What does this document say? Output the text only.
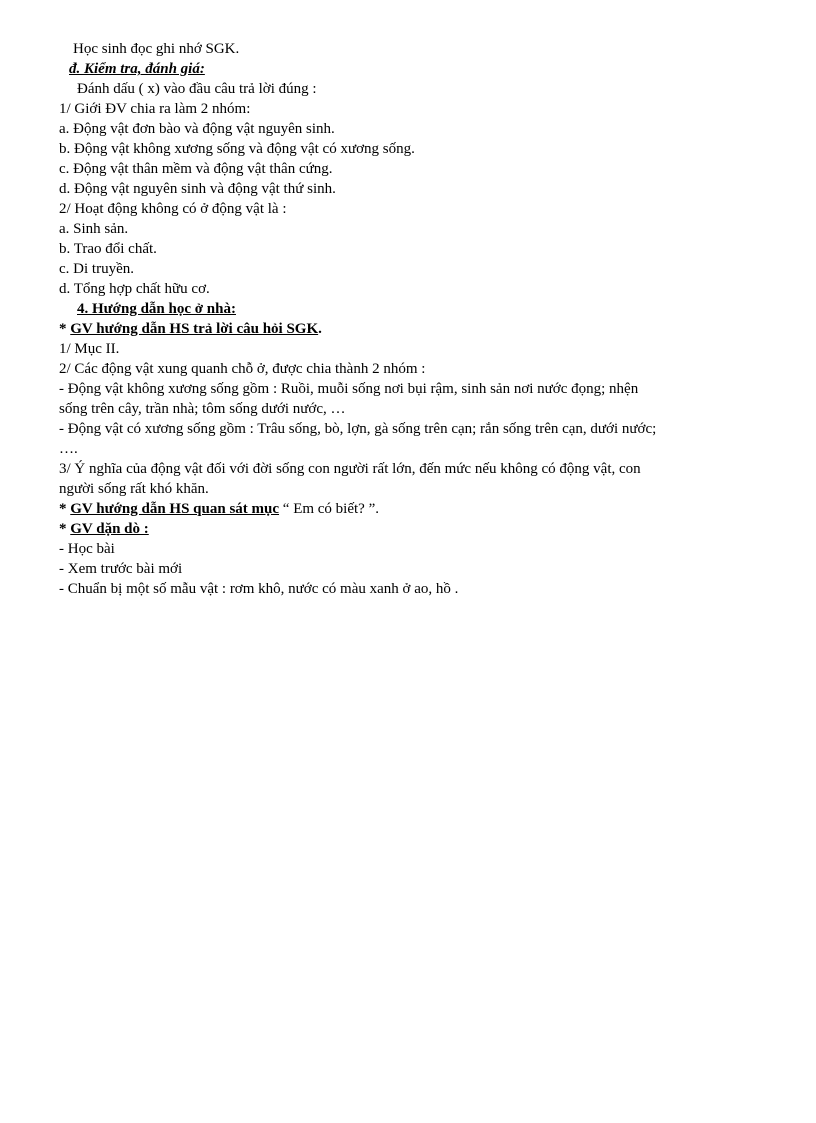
Học sinh đọc ghi nhớ SGK.
đ. Kiểm tra, đánh giá:
Đánh dấu ( x) vào đầu câu trả lời đúng :
1/ Giới ĐV chia ra làm 2 nhóm:
a. Động vật đơn bào và động vật nguyên sinh.
b. Động vật không xương sống và động vật có xương sống.
c. Động vật thân mềm và động vật thân cứng.
d. Động vật nguyên sinh và động vật thứ sinh.
2/ Hoạt động không có ở động vật là :
a. Sinh sản.
b. Trao đổi chất.
c. Di truyền.
d. Tổng hợp chất hữu cơ.
4. Hướng dẫn học ở nhà:
* GV hướng dẫn HS trả lời câu hỏi SGK.
1/ Mục II.
2/ Các động vật xung quanh chỗ ở, được chia thành 2 nhóm :
- Động vật không xương sống gồm : Ruồi, muỗi sống nơi bụi rậm, sinh sản nơi nước đọng; nhện
sống trên cây, trần nhà; tôm sống dưới nước, …
- Động vật có xương sống gồm : Trâu sống, bò, lợn, gà sống trên cạn; rắn sống trên cạn, dưới nước;
….
3/ Ý nghĩa của động vật đối với đời sống con người rất lớn, đến mức nếu không có động vật, con
người sống rất khó khăn.
* GV hướng dẫn HS quan sát mục “ Em có biết? ”.
* GV dặn dò :
- Học bài
- Xem trước bài mới
- Chuẩn bị một số mẫu vật : rơm khô, nước có màu xanh ở ao, hồ .
